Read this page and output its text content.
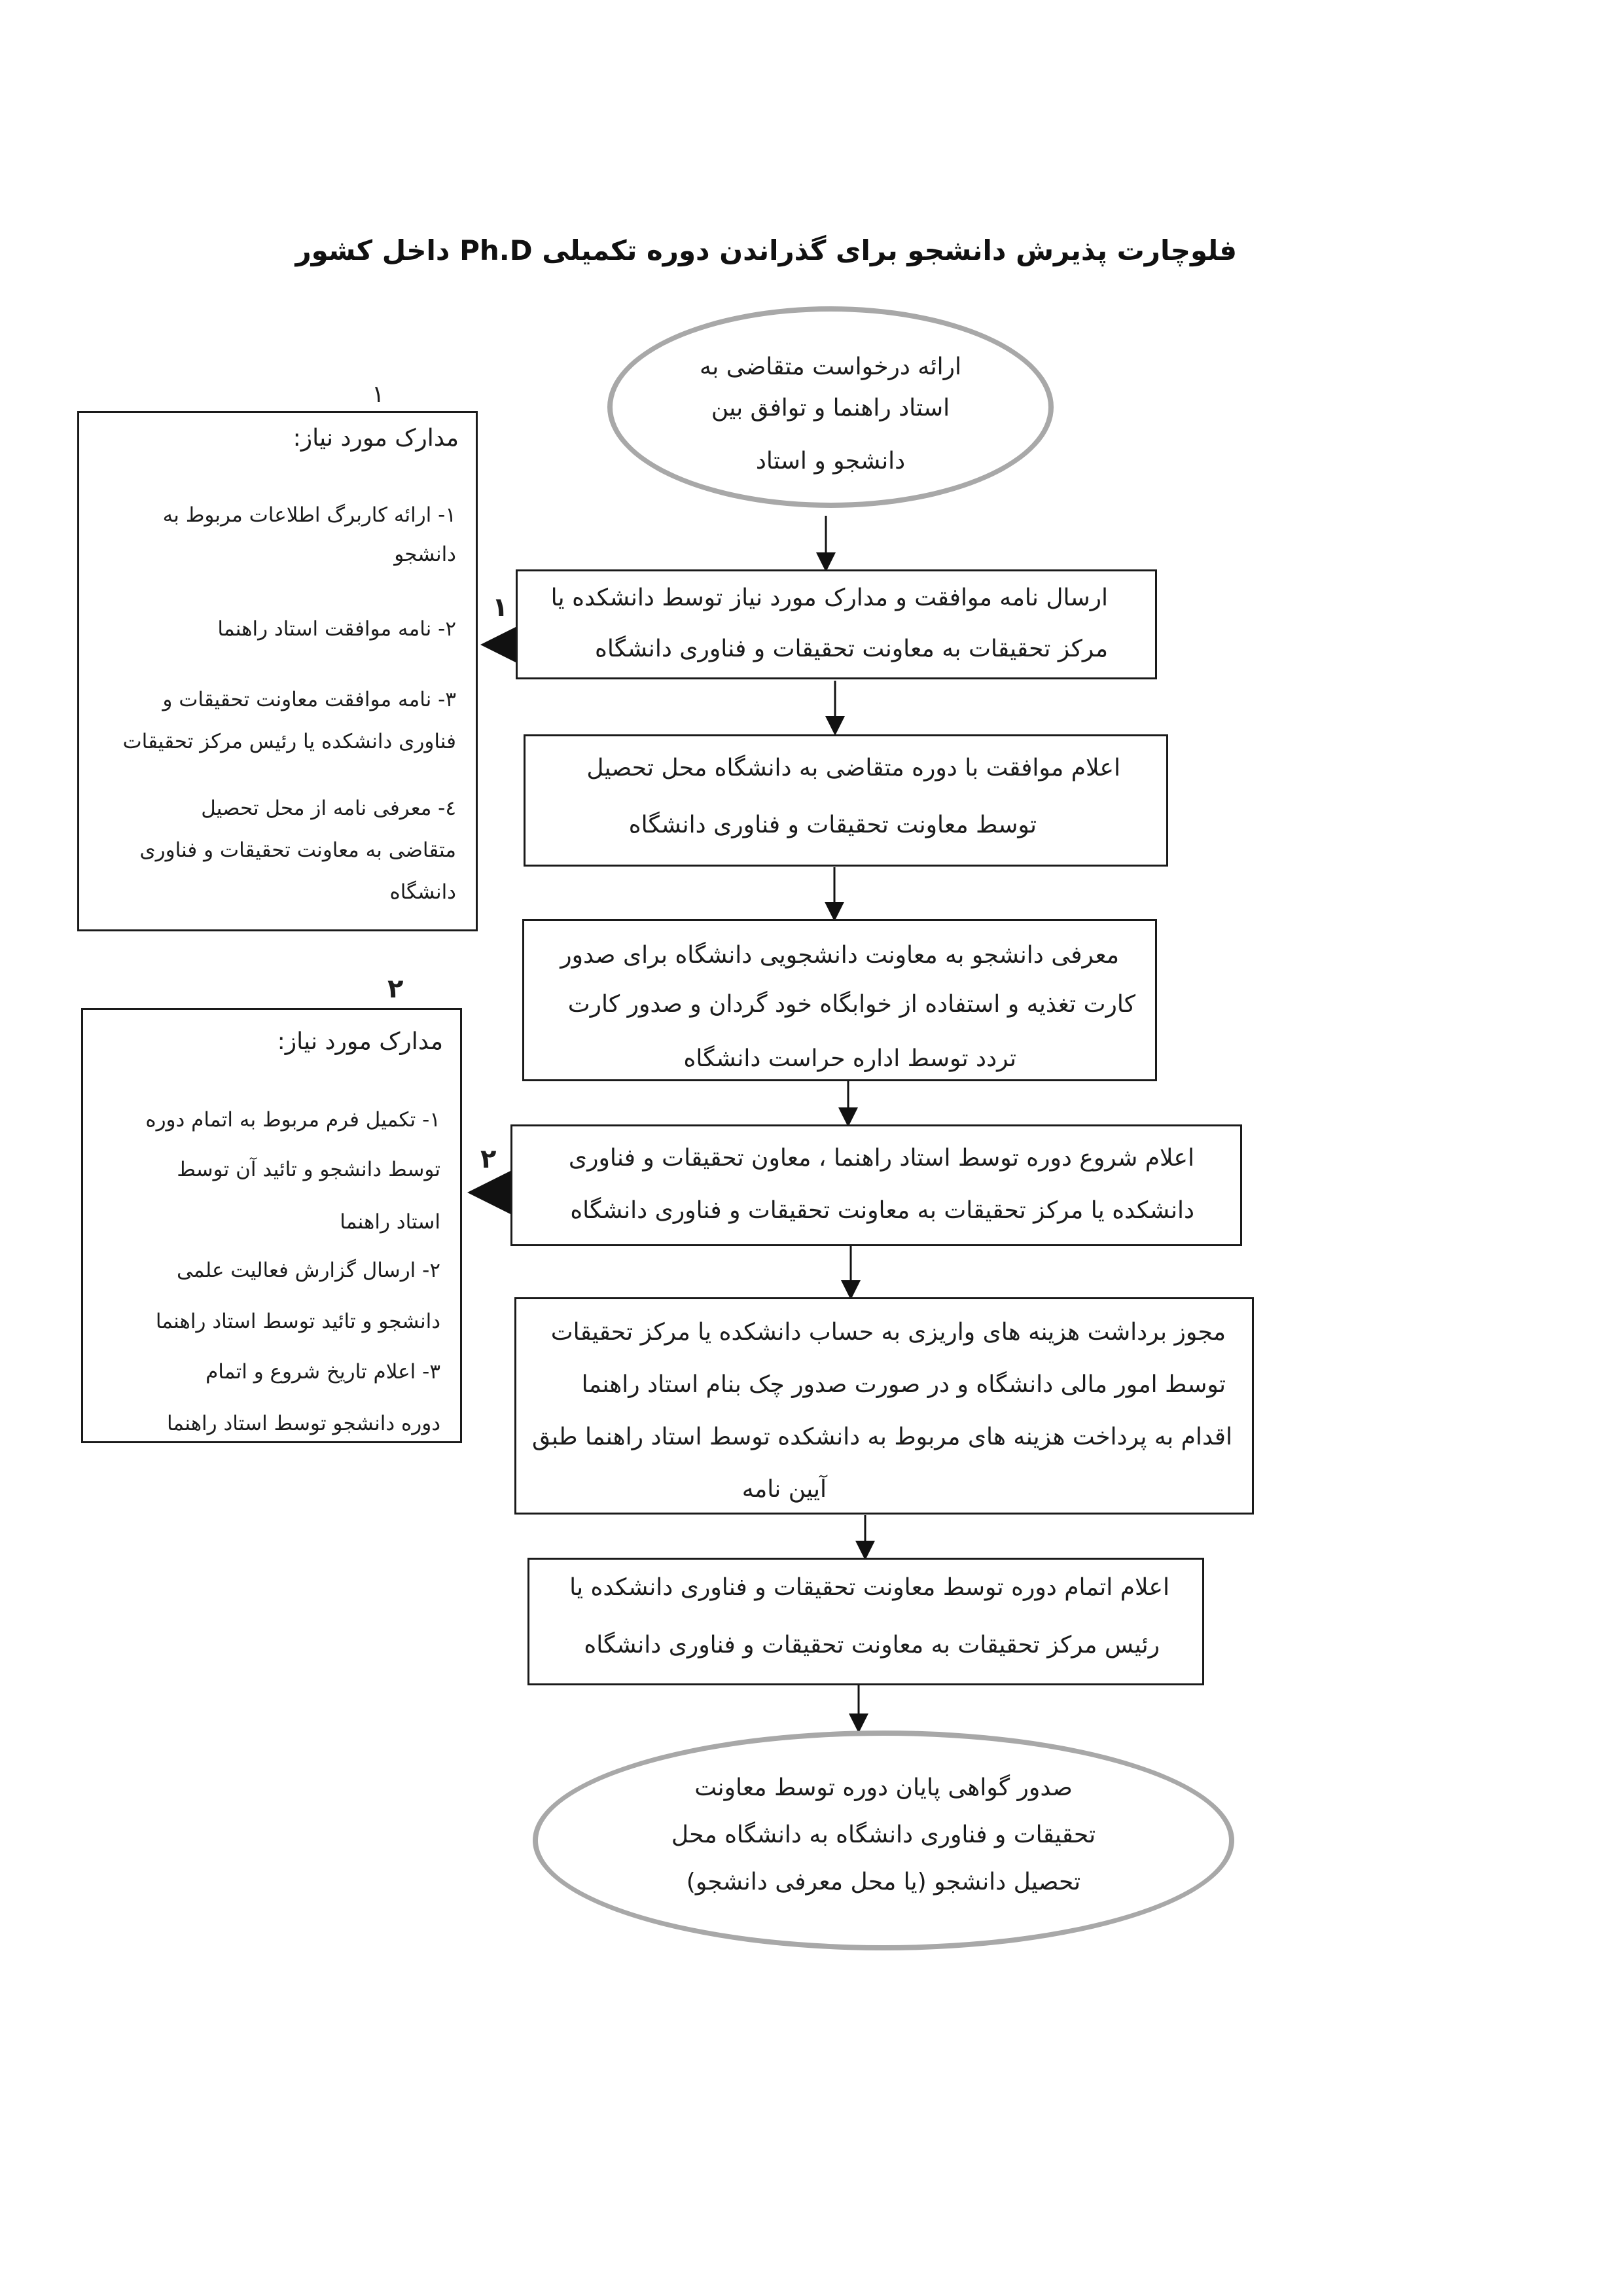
فلوچارت پذیرش دانشجو برای گذراندن دوره تکمیلی Ph.D داخل کشور
ارائه درخواست متقاضی به
استاد راهنما و توافق بین
دانشجو و استاد
ارسال نامه موافقت و مدارک مورد نیاز توسط دانشکده یا
مرکز تحقیقات به معاونت تحقیقات و فناوری دانشگاه
اعلام موافقت با دوره متقاضی به دانشگاه محل تحصیل
توسط معاونت تحقیقات و فناوری دانشگاه
معرفی دانشجو به معاونت دانشجویی دانشگاه برای صدور
کارت تغذیه و استفاده از خوابگاه خود گردان و صدور کارت
تردد توسط اداره حراست دانشگاه
اعلام شروع دوره توسط استاد راهنما ، معاون تحقیقات و فناوری
دانشکده یا مرکز تحقیقات به معاونت تحقیقات و فناوری دانشگاه
مجوز برداشت هزینه های واریزی به حساب دانشکده یا مرکز تحقیقات
توسط امور مالی دانشگاه و در صورت صدور چک بنام استاد راهنما
اقدام به پرداخت هزینه های مربوط به دانشکده توسط استاد راهنما طبق
آیین نامه
اعلام اتمام دوره توسط معاونت تحقیقات و فناوری دانشکده یا
رئیس مرکز تحقیقات به معاونت تحقیقات و فناوری دانشگاه
صدور گواهی پایان دوره توسط معاونت
تحقیقات و فناوری دانشگاه به دانشگاه محل
تحصیل دانشجو (یا محل معرفی دانشجو)
۱
۱
مدارک مورد نیاز:
۱- ارائه کاربرگ اطلاعات مربوط به
دانشجو
۲- نامه موافقت استاد راهنما
۳- نامه موافقت معاونت تحقیقات و
فناوری دانشکده یا رئیس مرکز تحقیقات
٤- معرفی نامه از محل تحصیل
متقاضی به معاونت تحقیقات و فناوری
دانشگاه
۲
۲
مدارک مورد نیاز:
۱- تکمیل فرم مربوط به اتمام دوره
توسط دانشجو و تائید آن توسط
استاد راهنما
۲- ارسال گزارش فعالیت علمی
دانشجو و تائید توسط استاد راهنما
۳- اعلام تاریخ شروع و اتمام
دوره دانشجو توسط استاد راهنما
